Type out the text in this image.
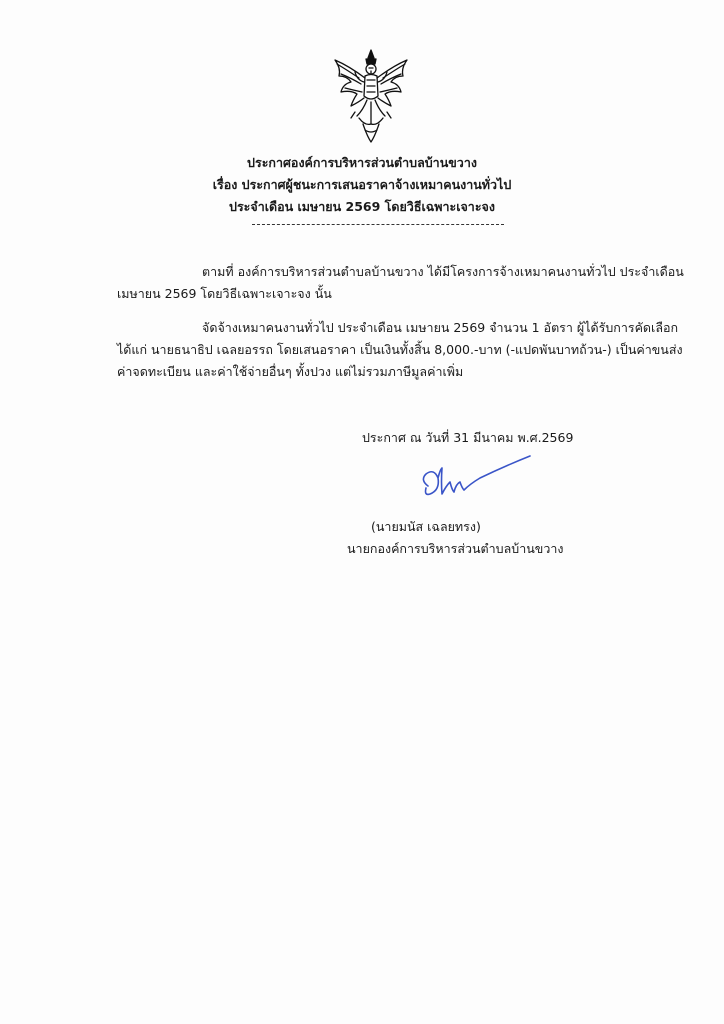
ประกาศองค์การบริหารส่วนตำบลบ้านขวาง
เรื่อง ประกาศผู้ชนะการเสนอราคาจ้างเหมาคนงานทั่วไป
ประจำเดือน เมษายน 2569 โดยวิธีเฉพาะเจาะจง
ตามที่ องค์การบริหารส่วนตำบลบ้านขวาง ได้มีโครงการจ้างเหมาคนงานทั่วไป ประจำเดือน
เมษายน 2569 โดยวิธีเฉพาะเจาะจง นั้น
จัดจ้างเหมาคนงานทั่วไป ประจำเดือน เมษายน 2569 จำนวน 1 อัตรา ผู้ได้รับการคัดเลือก
ได้แก่ นายธนาธิป เฉลยอรรถ โดยเสนอราคา เป็นเงินทั้งสิ้น 8,000.-บาท (-แปดพันบาทถ้วน-) เป็นค่าขนส่ง
ค่าจดทะเบียน และค่าใช้จ่ายอื่นๆ ทั้งปวง แต่ไม่รวมภาษีมูลค่าเพิ่ม
ประกาศ ณ วันที่ 31 มีนาคม พ.ศ.2569
(นายมนัส เฉลยทรง)
นายกองค์การบริหารส่วนตำบลบ้านขวาง
